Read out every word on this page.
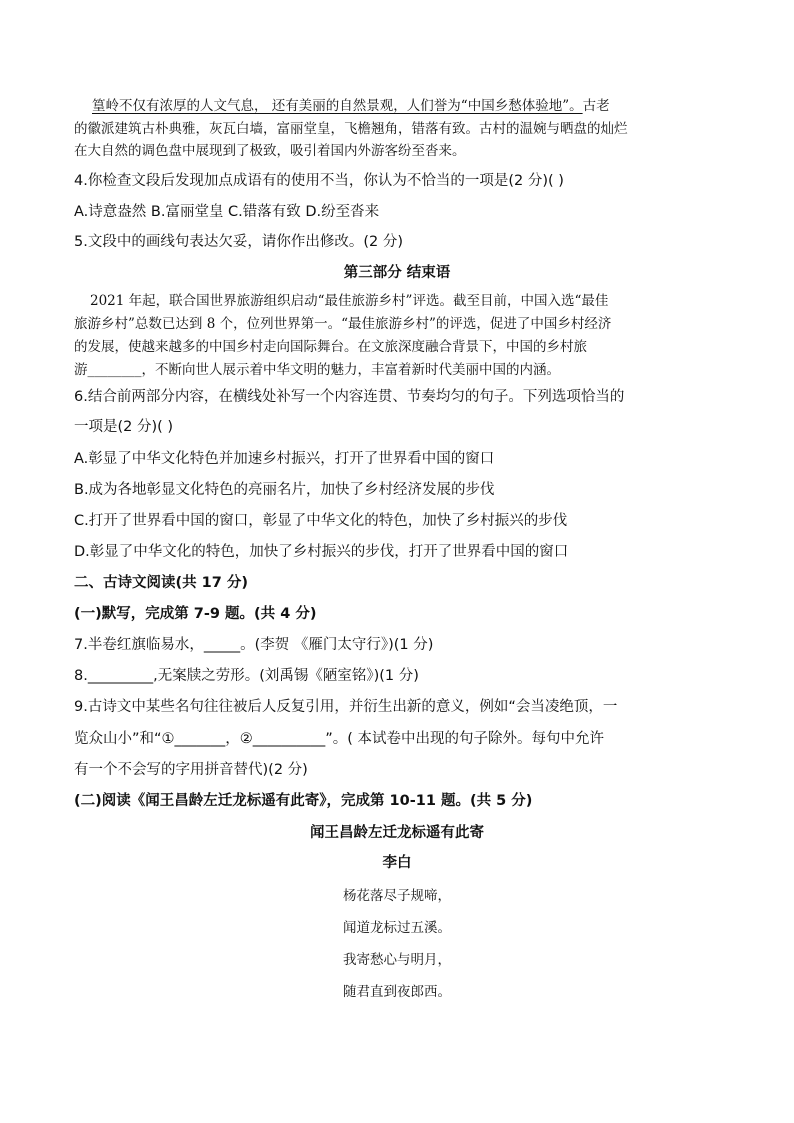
篁岭不仅有浓厚的人文气息， 还有美丽的自然景观，人们誉为“中国乡愁体验地”。古老
的徽派建筑古朴典雅，灰瓦白墙，富丽堂皇，飞檐翘角，错落有致。古村的温婉与晒盘的灿烂
在大自然的调色盘中展现到了极致，吸引着国内外游客纷至沓来。
4.你检查文段后发现加点成语有的使用不当，你认为不恰当的一项是(2 分)( )
A.诗意盎然 B.富丽堂皇 C.错落有致 D.纷至沓来
5.文段中的画线句表达欠妥，请你作出修改。(2 分)
第三部分 结束语
2021 年起，联合国世界旅游组织启动“最佳旅游乡村”评选。截至目前，中国入选“最佳
旅游乡村”总数已达到 8 个，位列世界第一。“最佳旅游乡村”的评选，促进了中国乡村经济
的发展，使越来越多的中国乡村走向国际舞台。在文旅深度融合背景下，中国的乡村旅
游________，不断向世人展示着中华文明的魅力，丰富着新时代美丽中国的内涵。
6.结合前两部分内容，在横线处补写一个内容连贯、节奏均匀的句子。下列选项恰当的
一项是(2 分)( )
A.彰显了中华文化特色并加速乡村振兴，打开了世界看中国的窗口
B.成为各地彰显文化特色的亮丽名片，加快了乡村经济发展的步伐
C.打开了世界看中国的窗口，彰显了中华文化的特色，加快了乡村振兴的步伐
D.彰显了中华文化的特色，加快了乡村振兴的步伐，打开了世界看中国的窗口
二、古诗文阅读(共 17 分)
(一)默写，完成第 7-9 题。(共 4 分)
7.半卷红旗临易水，_____。(李贺 《雁门太守行》)(1 分)
8._________,无案牍之劳形。(刘禹锡《陋室铭》)(1 分)
9.古诗文中某些名句往往被后人反复引用，并衍生出新的意义，例如“会当凌绝顶，一
览众山小”和“①_______，②__________”。( 本试卷中出现的句子除外。每句中允许
有一个不会写的字用拼音替代)(2 分)
(二)阅读《闻王昌龄左迁龙标遥有此寄》，完成第 10-11 题。(共 5 分)
闻王昌龄左迁龙标遥有此寄
李白
杨花落尽子规啼，
闻道龙标过五溪。
我寄愁心与明月，
随君直到夜郎西。
